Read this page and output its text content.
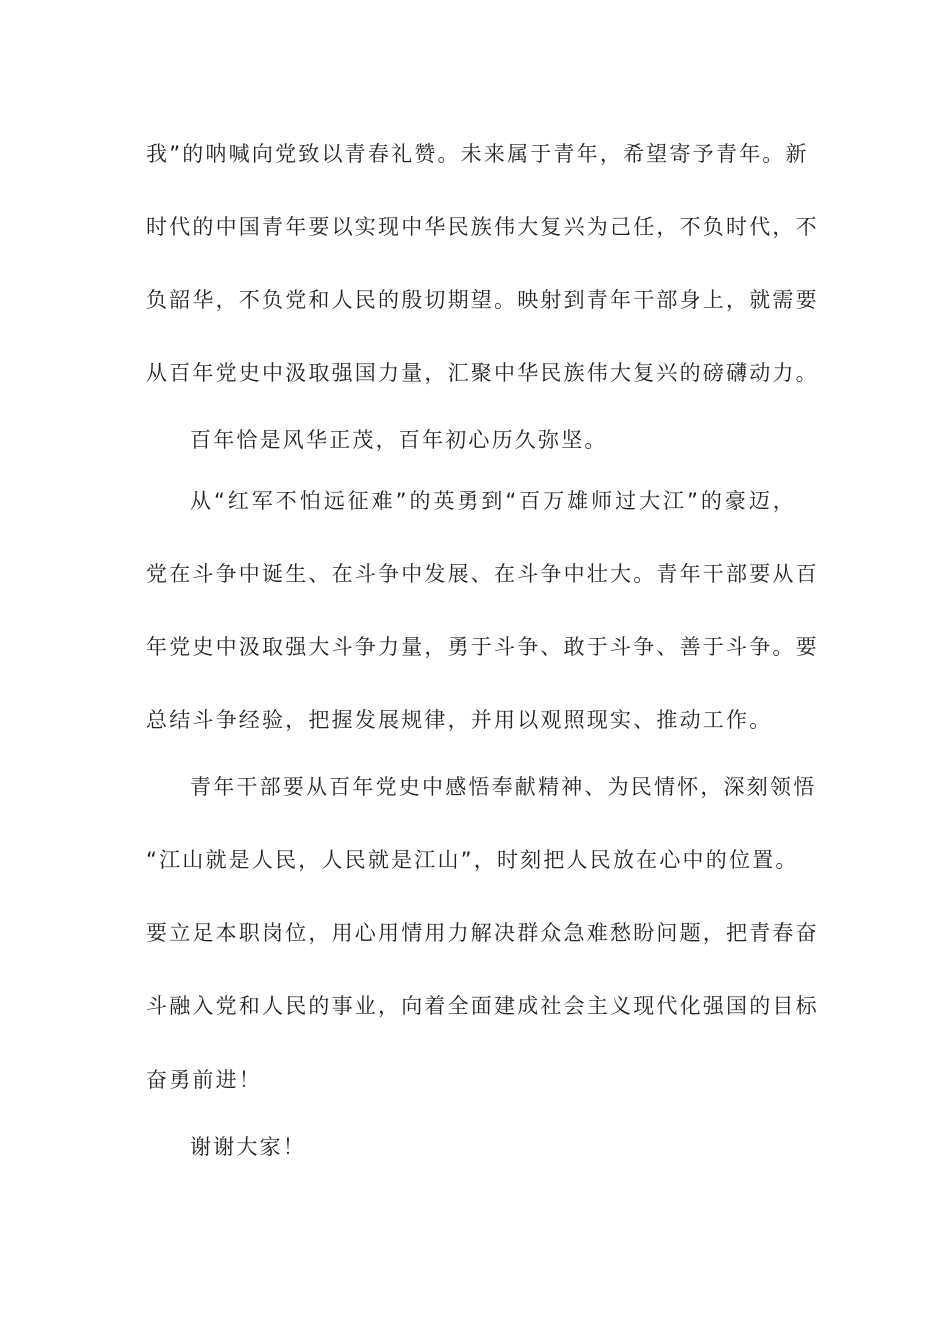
我”的呐喊向党致以青春礼赞。未来属于青年，希望寄予青年。新
时代的中国青年要以实现中华民族伟大复兴为己任，不负时代，不
负韶华，不负党和人民的殷切期望。映射到青年干部身上，就需要
从百年党史中汲取强国力量，汇聚中华民族伟大复兴的磅礴动力。
百年恰是风华正茂，百年初心历久弥坚。
从“红军不怕远征难”的英勇到“百万雄师过大江”的豪迈，
党在斗争中诞生、在斗争中发展、在斗争中壮大。青年干部要从百
年党史中汲取强大斗争力量，勇于斗争、敢于斗争、善于斗争。要
总结斗争经验，把握发展规律，并用以观照现实、推动工作。
青年干部要从百年党史中感悟奉献精神、为民情怀，深刻领悟
“江山就是人民，人民就是江山”，时刻把人民放在心中的位置。
要立足本职岗位，用心用情用力解决群众急难愁盼问题，把青春奋
斗融入党和人民的事业，向着全面建成社会主义现代化强国的目标
奋勇前进！
谢谢大家！
